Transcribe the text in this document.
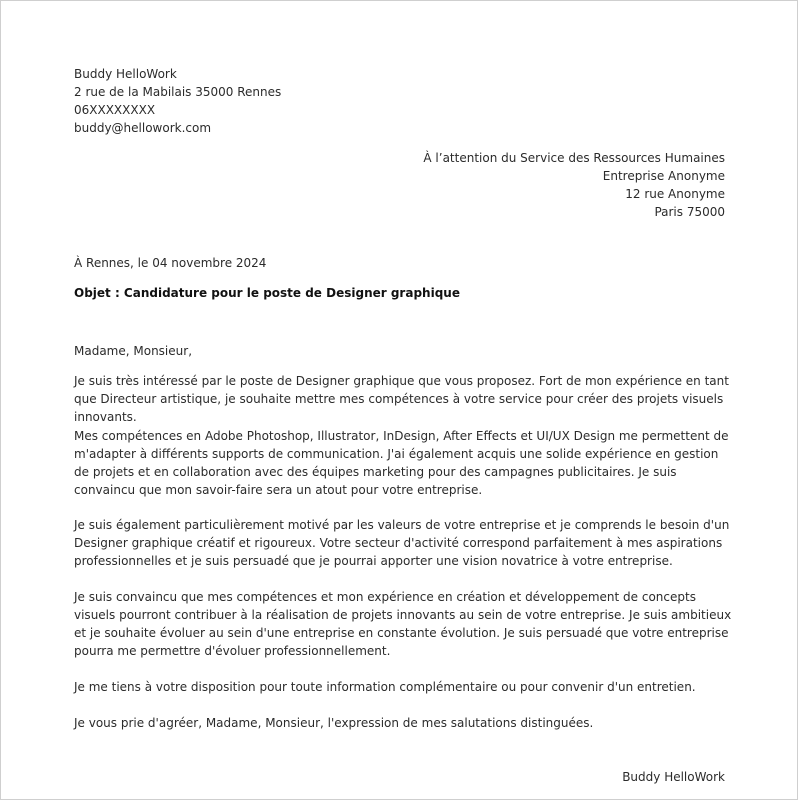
Buddy HelloWork
2 rue de la Mabilais 35000 Rennes
06XXXXXXXX
buddy@hellowork.com
À l’attention du Service des Ressources Humaines
Entreprise Anonyme
12 rue Anonyme
Paris 75000
À Rennes, le 04 novembre 2024
Objet : Candidature pour le poste de Designer graphique
Madame, Monsieur,

Je suis très intéressé par le poste de Designer graphique que vous proposez. Fort de mon expérience en tant que Directeur artistique, je souhaite mettre mes compétences à votre service pour créer des projets visuels innovants.

Mes compétences en Adobe Photoshop, Illustrator, InDesign, After Effects et UI/UX Design me permettent de m'adapter à différents supports de communication. J'ai également acquis une solide expérience en gestion de projets et en collaboration avec des équipes marketing pour des campagnes publicitaires. Je suis convaincu que mon savoir-faire sera un atout pour votre entreprise.

Je suis également particulièrement motivé par les valeurs de votre entreprise et je comprends le besoin d'un Designer graphique créatif et rigoureux. Votre secteur d'activité correspond parfaitement à mes aspirations professionnelles et je suis persuadé que je pourrai apporter une vision novatrice à votre entreprise.

Je suis convaincu que mes compétences et mon expérience en création et développement de concepts visuels pourront contribuer à la réalisation de projets innovants au sein de votre entreprise. Je suis ambitieux et je souhaite évoluer au sein d'une entreprise en constante évolution. Je suis persuadé que votre entreprise pourra me permettre d'évoluer professionnellement.

Je me tiens à votre disposition pour toute information complémentaire ou pour convenir d'un entretien.

Je vous prie d'agréer, Madame, Monsieur, l'expression de mes salutations distinguées.

Buddy HelloWork
